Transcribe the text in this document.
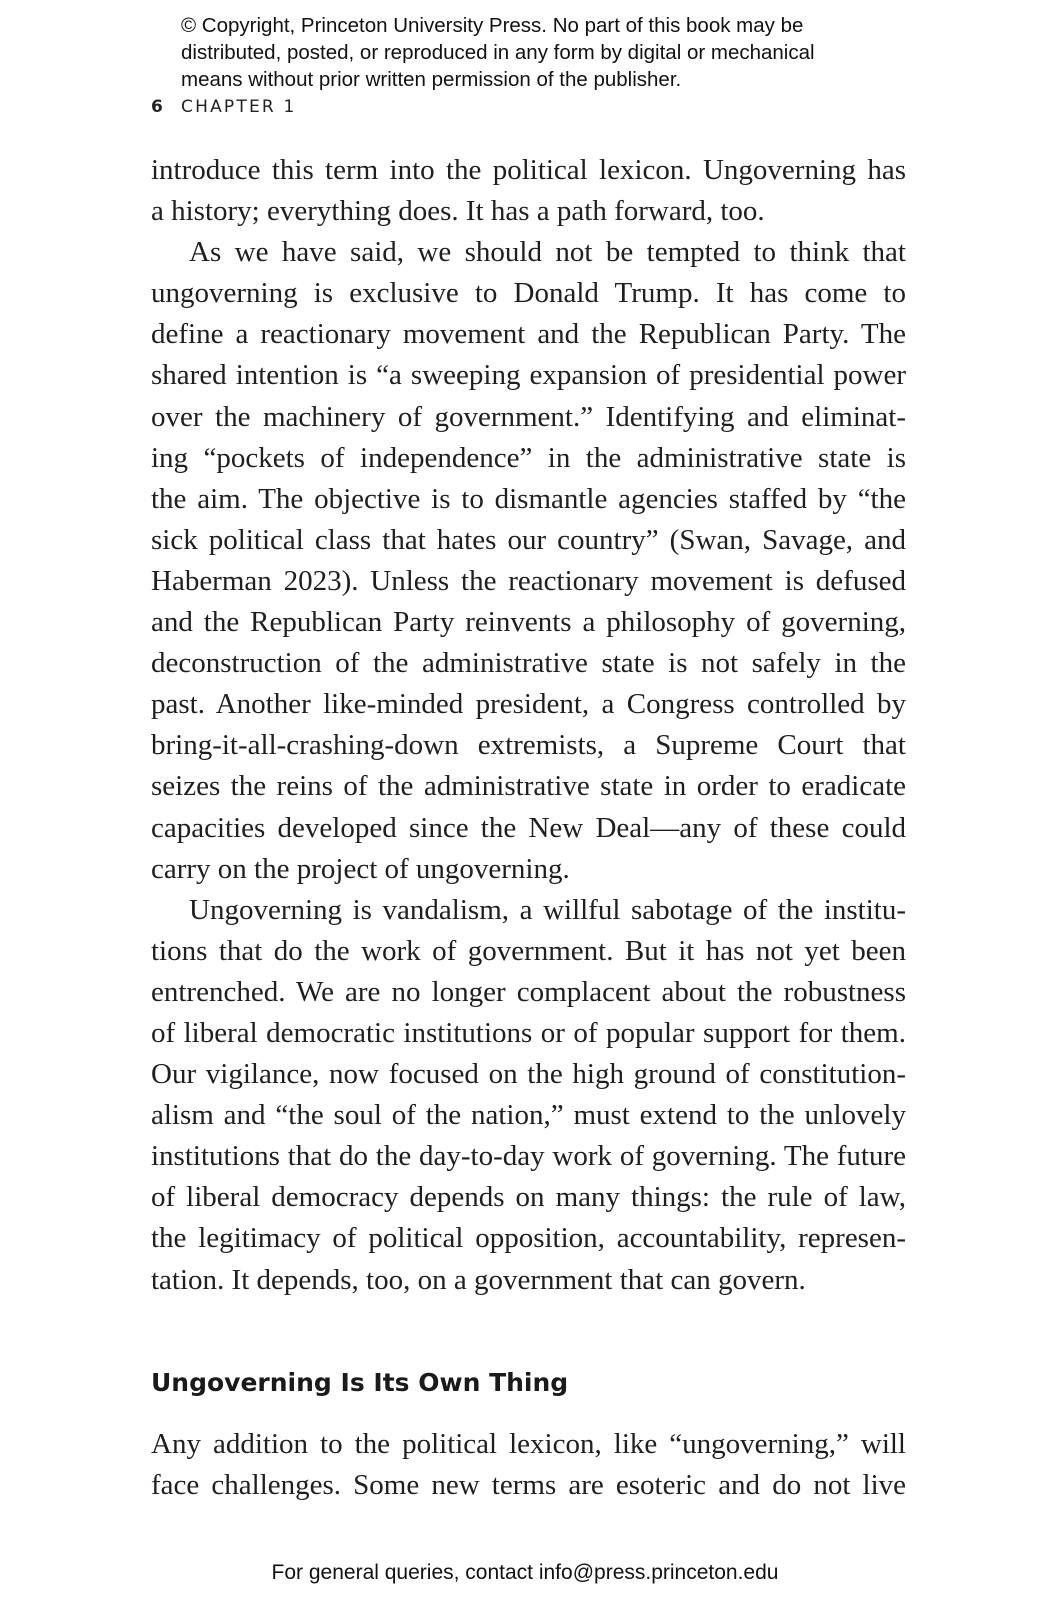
© Copyright, Princeton University Press. No part of this book may be
distributed, posted, or reproduced in any form by digital or mechanical
means without prior written permission of the publisher.
6 CHAPTER 1
introduce this term into the political lexicon. Ungoverning has
a history; everything does. It has a path forward, too.
As we have said, we should not be tempted to think that
ungoverning is exclusive to Donald Trump. It has come to
define a reactionary movement and the Republican Party. The
shared intention is “a sweeping expansion of presidential power
over the machinery of government.” Identifying and eliminat-
ing “pockets of independence” in the administrative state is
the aim. The objective is to dismantle agencies staffed by “the
sick political class that hates our country” (Swan, Savage, and
Haberman 2023). Unless the reactionary movement is defused
and the Republican Party reinvents a philosophy of governing,
deconstruction of the administrative state is not safely in the
past. Another like-minded president, a Congress controlled by
bring-it-all-crashing-down extremists, a Supreme Court that
seizes the reins of the administrative state in order to eradicate
capacities developed since the New Deal—any of these could
carry on the project of ungoverning.
Ungoverning is vandalism, a willful sabotage of the institu-
tions that do the work of government. But it has not yet been
entrenched. We are no longer complacent about the robustness
of liberal democratic institutions or of popular support for them.
Our vigilance, now focused on the high ground of constitution-
alism and “the soul of the nation,” must extend to the unlovely
institutions that do the day-to-day work of governing. The future
of liberal democracy depends on many things: the rule of law,
the legitimacy of political opposition, accountability, represen-
tation. It depends, too, on a government that can govern.
Ungoverning Is Its Own Thing
Any addition to the political lexicon, like “ungoverning,” will
face challenges. Some new terms are esoteric and do not live
For general queries, contact info@press.princeton.edu
